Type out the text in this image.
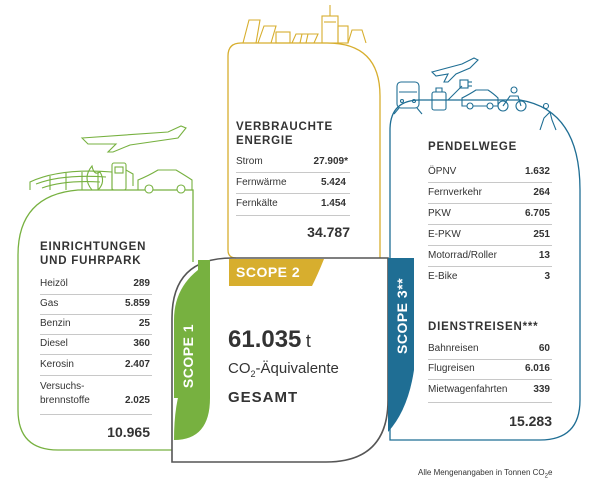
VERBRAUCHTE
ENERGIE
Strom	27.909*
Fernwärme	5.424
Fernkälte	1.454
34.787
EINRICHTUNGEN
UND FUHRPARK
Heizöl	289
Gas	5.859
Benzin	25
Diesel	360
Kerosin	2.407
Versuchs-
brennstoffe	2.025
10.965
PENDELWEGE
ÖPNV	1.632
Fernverkehr	264
PKW	6.705
E-PKW	251
Motorrad/Roller	13
E-Bike	3
DIENSTREISEN***
Bahnreisen	60
Flugreisen	6.016
Mietwagenfahrten	339
15.283
SCOPE 2
SCOPE 1
SCOPE 3**
61.035 t
$CO_2$-Äquivalente
GESAMT
Alle Mengenangaben in Tonnen $CO_2e$
